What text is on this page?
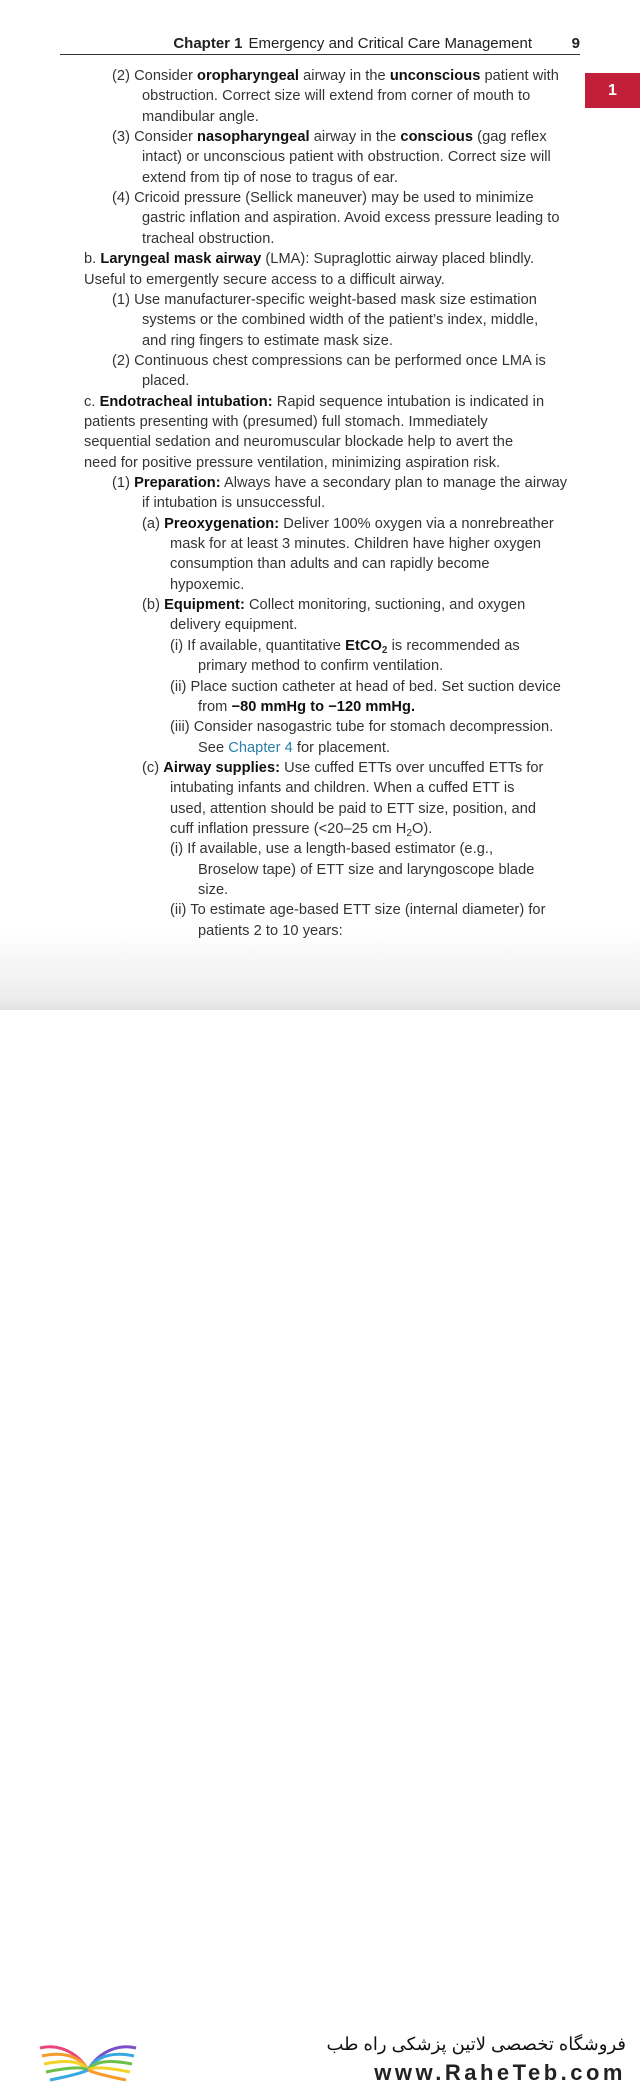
Chapter 1 Emergency and Critical Care Management	9
1
(2) Consider oropharyngeal airway in the unconscious patient with
obstruction. Correct size will extend from corner of mouth to
mandibular angle.
(3) Consider nasopharyngeal airway in the conscious (gag reflex
intact) or unconscious patient with obstruction. Correct size will
extend from tip of nose to tragus of ear.
(4) Cricoid pressure (Sellick maneuver) may be used to minimize
gastric inflation and aspiration. Avoid excess pressure leading to
tracheal obstruction.
b. Laryngeal mask airway (LMA): Supraglottic airway placed blindly.
Useful to emergently secure access to a difficult airway.
(1) Use manufacturer-specific weight-based mask size estimation
systems or the combined width of the patient’s index, middle,
and ring fingers to estimate mask size.
(2) Continuous chest compressions can be performed once LMA is
placed.
c. Endotracheal intubation: Rapid sequence intubation is indicated in
patients presenting with (presumed) full stomach. Immediately
sequential sedation and neuromuscular blockade help to avert the
need for positive pressure ventilation, minimizing aspiration risk.
(1) Preparation: Always have a secondary plan to manage the airway
if intubation is unsuccessful.
(a) Preoxygenation: Deliver 100% oxygen via a nonrebreather
mask for at least 3 minutes. Children have higher oxygen
consumption than adults and can rapidly become
hypoxemic.
(b) Equipment: Collect monitoring, suctioning, and oxygen
delivery equipment.
(i) If available, quantitative EtCO$_2$ is recommended as
primary method to confirm ventilation.
(ii) Place suction catheter at head of bed. Set suction device
from −80 mmHg to −120 mmHg.
(iii) Consider nasogastric tube for stomach decompression.
See Chapter 4 for placement.
(c) Airway supplies: Use cuffed ETTs over uncuffed ETTs for
intubating infants and children. When a cuffed ETT is
used, attention should be paid to ETT size, position, and
cuff inflation pressure (<20–25 cm $H_2O$).
(i) If available, use a length-based estimator (e.g.,
Broselow tape) of ETT size and laryngoscope blade
size.
(ii) To estimate age-based ETT size (internal diameter) for
patients 2 to 10 years:
فروشگاه تخصصی لاتین پزشکی راه طب
www.RaheTeb.com
